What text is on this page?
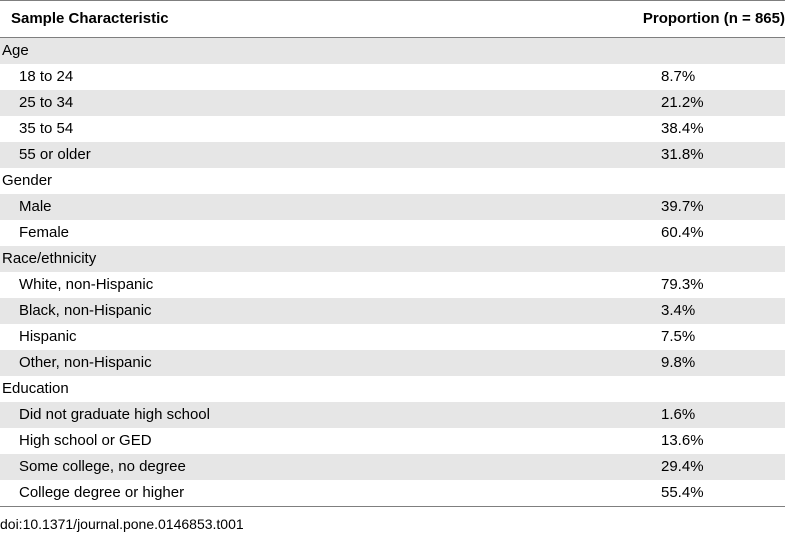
Sample Characteristic	Proportion (n = 865)
Age	
18 to 24	8.7%
25 to 34	21.2%
35 to 54	38.4%
55 or older	31.8%
Gender	
Male	39.7%
Female	60.4%
Race/ethnicity	
White, non-Hispanic	79.3%
Black, non-Hispanic	3.4%
Hispanic	7.5%
Other, non-Hispanic	9.8%
Education	
Did not graduate high school	1.6%
High school or GED	13.6%
Some college, no degree	29.4%
College degree or higher	55.4%
doi:10.1371/journal.pone.0146853.t001
